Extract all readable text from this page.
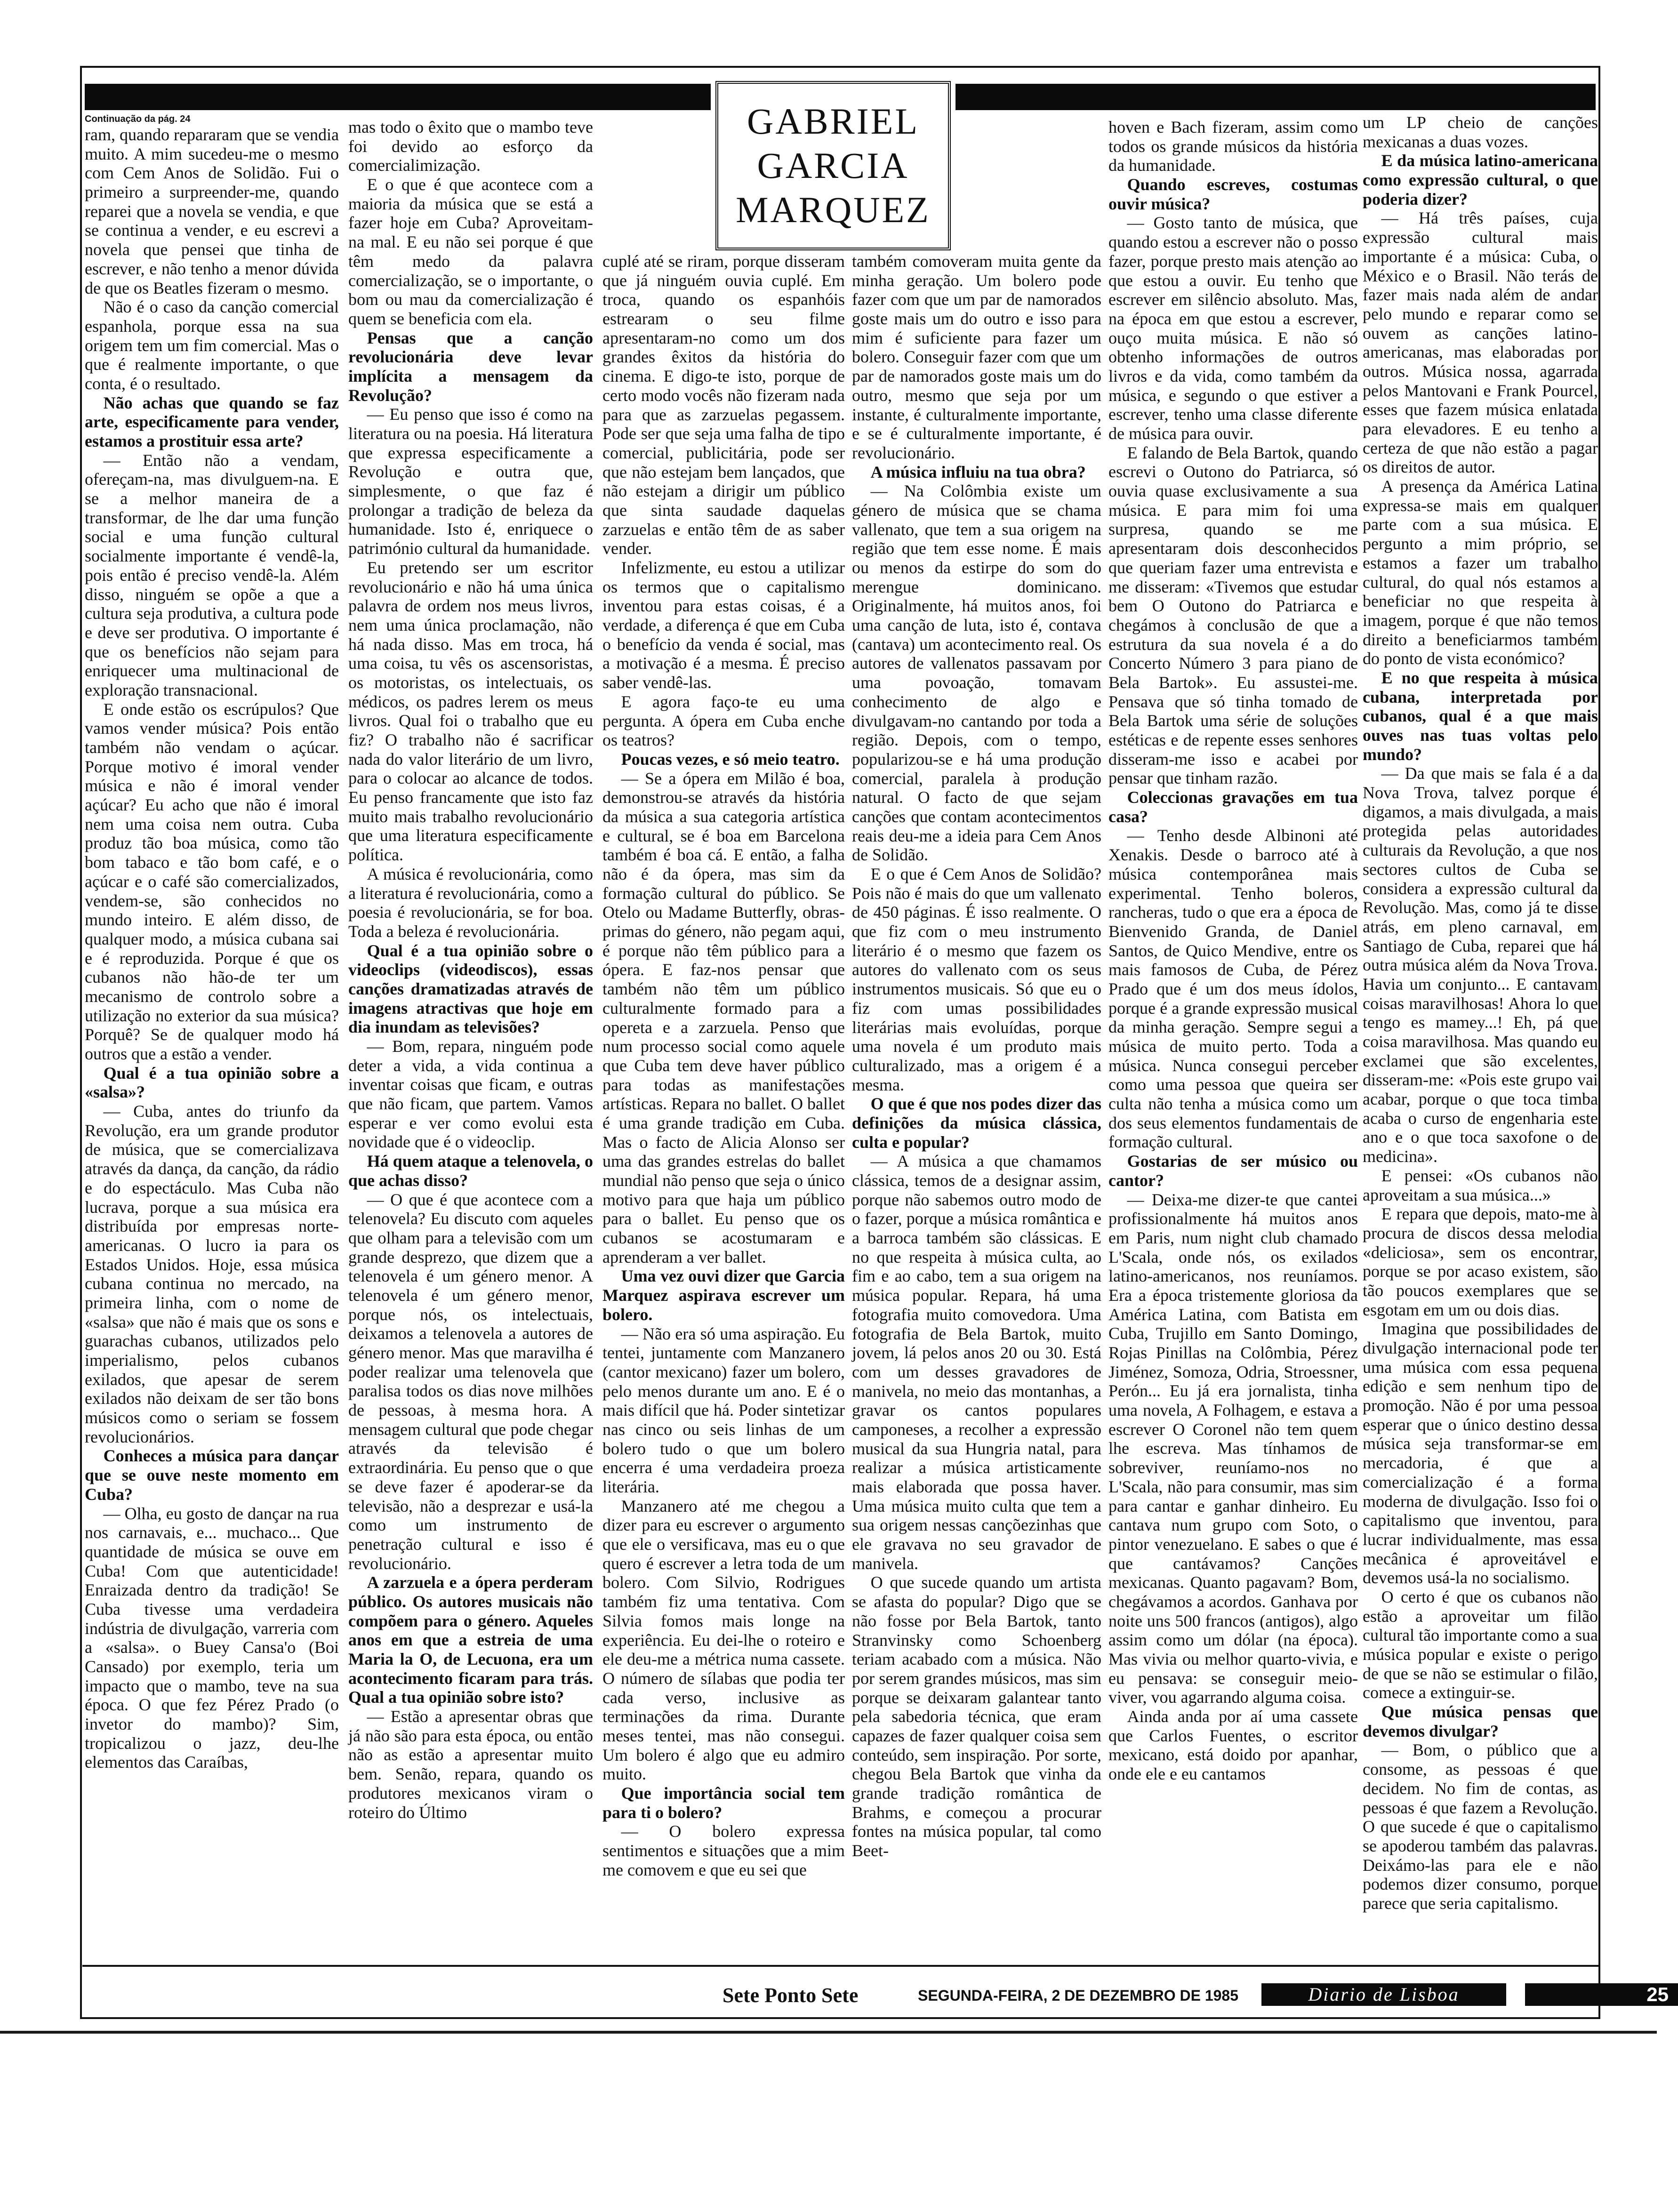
GABRIEL
GARCIA
MARQUEZ

Continuação da pág. 24

ram, quando repararam que se vendia muito. A mim sucedeu-me o mesmo com Cem Anos de Solidão. Fui o primeiro a surpreender-me, quando reparei que a novela se vendia, e que se continua a vender, e eu escrevi a novela que pensei que tinha de escrever, e não tenho a menor dúvida de que os Beatles fizeram o mesmo.

Não é o caso da canção comercial espanhola, porque essa na sua origem tem um fim comercial. Mas o que é realmente importante, o que conta, é o resultado.

Não achas que quando se faz arte, especificamente para vender, estamos a prostituir essa arte?

— Então não a vendam, ofereçam-na, mas divulguem-na. E se a melhor maneira de a transformar, de lhe dar uma função social e uma função cultural socialmente importante é vendê-la, pois então é preciso vendê-la. Além disso, ninguém se opõe a que a cultura seja produtiva, a cultura pode e deve ser produtiva. O importante é que os benefícios não sejam para enriquecer uma multinacional de exploração transnacional.

E onde estão os escrúpulos? Que vamos vender música? Pois então também não vendam o açúcar. Porque motivo é imoral vender música e não é imoral vender açúcar? Eu acho que não é imoral nem uma coisa nem outra. Cuba produz tão boa música, como tão bom tabaco e tão bom café, e o açúcar e o café são comercializados, vendem-se, são conhecidos no mundo inteiro. E além disso, de qualquer modo, a música cubana sai e é reproduzida. Porque é que os cubanos não hão-de ter um mecanismo de controlo sobre a utilização no exterior da sua música? Porquê? Se de qualquer modo há outros que a estão a vender.

Qual é a tua opinião sobre a «salsa»?

— Cuba, antes do triunfo da Revolução, era um grande produtor de música, que se comercializava através da dança, da canção, da rádio e do espectáculo. Mas Cuba não lucrava, porque a sua música era distribuída por empresas norte-americanas. O lucro ia para os Estados Unidos. Hoje, essa música cubana continua no mercado, na primeira linha, com o nome de «salsa» que não é mais que os sons e guarachas cubanos, utilizados pelo imperialismo, pelos cubanos exilados, que apesar de serem exilados não deixam de ser tão bons músicos como o seriam se fossem revolucionários.

Conheces a música para dançar que se ouve neste momento em Cuba?

— Olha, eu gosto de dançar na rua nos carnavais, e... muchaco... Que quantidade de música se ouve em Cuba! Com que autenticidade! Enraizada dentro da tradição! Se Cuba tivesse uma verdadeira indústria de divulgação, varreria com a «salsa». o Buey Cansa'o (Boi Cansado) por exemplo, teria um impacto que o mambo, teve na sua época. O que fez Pérez Prado (o invetor do mambo)? Sim, tropicalizou o jazz, deu-lhe elementos das Caraíbas,

mas todo o êxito que o mambo teve foi devido ao esforço da comercialimização.

E o que é que acontece com a maioria da música que se está a fazer hoje em Cuba? Aproveitam-na mal. E eu não sei porque é que têm medo da palavra comercialização, se o importante, o bom ou mau da comercialização é quem se beneficia com ela.

Pensas que a canção revolucionária deve levar implícita a mensagem da Revolução?

— Eu penso que isso é como na literatura ou na poesia. Há literatura que expressa especificamente a Revolução e outra que, simplesmente, o que faz é prolongar a tradição de beleza da humanidade. Isto é, enriquece o património cultural da humanidade.

Eu pretendo ser um escritor revolucionário e não há uma única palavra de ordem nos meus livros, nem uma única proclamação, não há nada disso. Mas em troca, há uma coisa, tu vês os ascensoristas, os motoristas, os intelectuais, os médicos, os padres lerem os meus livros. Qual foi o trabalho que eu fiz? O trabalho não é sacrificar nada do valor literário de um livro, para o colocar ao alcance de todos. Eu penso francamente que isto faz muito mais trabalho revolucionário que uma literatura especificamente política.

A música é revolucionária, como a literatura é revolucionária, como a poesia é revolucionária, se for boa. Toda a beleza é revolucionária.

Qual é a tua opinião sobre o videoclips (videodiscos), essas canções dramatizadas através de imagens atractivas que hoje em dia inundam as televisões?

— Bom, repara, ninguém pode deter a vida, a vida continua a inventar coisas que ficam, e outras que não ficam, que partem. Vamos esperar e ver como evolui esta novidade que é o videoclip.

Há quem ataque a telenovela, o que achas disso?

— O que é que acontece com a telenovela? Eu discuto com aqueles que olham para a televisão com um grande desprezo, que dizem que a telenovela é um género menor. A telenovela é um género menor, porque nós, os intelectuais, deixamos a telenovela a autores de género menor. Mas que maravilha é poder realizar uma telenovela que paralisa todos os dias nove milhões de pessoas, à mesma hora. A mensagem cultural que pode chegar através da televisão é extraordinária. Eu penso que o que se deve fazer é apoderar-se da televisão, não a desprezar e usá-la como um instrumento de penetração cultural e isso é revolucionário.

A zarzuela e a ópera perderam público. Os autores musicais não compõem para o género. Aqueles anos em que a estreia de uma Maria la O, de Lecuona, era um acontecimento ficaram para trás. Qual a tua opinião sobre isto?

— Estão a apresentar obras que já não são para esta época, ou então não as estão a apresentar muito bem. Senão, repara, quando os produtores mexicanos viram o roteiro do Último

cuplé até se riram, porque disseram que já ninguém ouvia cuplé. Em troca, quando os espanhóis estrearam o seu filme apresentaram-no como um dos grandes êxitos da história do cinema. E digo-te isto, porque de certo modo vocês não fizeram nada para que as zarzuelas pegassem. Pode ser que seja uma falha de tipo comercial, publicitária, pode ser que não estejam bem lançados, que não estejam a dirigir um público que sinta saudade daquelas zarzuelas e então têm de as saber vender.

Infelizmente, eu estou a utilizar os termos que o capitalismo inventou para estas coisas, é a verdade, a diferença é que em Cuba o benefício da venda é social, mas a motivação é a mesma. É preciso saber vendê-las.

E agora faço-te eu uma pergunta. A ópera em Cuba enche os teatros?

Poucas vezes, e só meio teatro.

— Se a ópera em Milão é boa, demonstrou-se através da história da música a sua categoria artística e cultural, se é boa em Barcelona também é boa cá. E então, a falha não é da ópera, mas sim da formação cultural do público. Se Otelo ou Madame Butterfly, obras-primas do género, não pegam aqui, é porque não têm público para a ópera. E faz-nos pensar que também não têm um público culturalmente formado para a opereta e a zarzuela. Penso que num processo social como aquele que Cuba tem deve haver público para todas as manifestações artísticas. Repara no ballet. O ballet é uma grande tradição em Cuba. Mas o facto de Alicia Alonso ser uma das grandes estrelas do ballet mundial não penso que seja o único motivo para que haja um público para o ballet. Eu penso que os cubanos se acostumaram e aprenderam a ver ballet.

Uma vez ouvi dizer que Garcia Marquez aspirava escrever um bolero.

— Não era só uma aspiração. Eu tentei, juntamente com Manzanero (cantor mexicano) fazer um bolero, pelo menos durante um ano. E é o mais difícil que há. Poder sintetizar nas cinco ou seis linhas de um bolero tudo o que um bolero encerra é uma verdadeira proeza literária.

Manzanero até me chegou a dizer para eu escrever o argumento que ele o versificava, mas eu o que quero é escrever a letra toda de um bolero. Com Silvio, Rodrigues também fiz uma tentativa. Com Silvia fomos mais longe na experiência. Eu dei-lhe o roteiro e ele deu-me a métrica numa cassete. O número de sílabas que podia ter cada verso, inclusive as terminações da rima. Durante meses tentei, mas não consegui. Um bolero é algo que eu admiro muito.

Que importância social tem para ti o bolero?

— O bolero expressa sentimentos e situações que a mim me comovem e que eu sei que

também comoveram muita gente da minha geração. Um bolero pode fazer com que um par de namorados goste mais um do outro e isso para mim é suficiente para fazer um bolero. Conseguir fazer com que um par de namorados goste mais um do outro, mesmo que seja por um instante, é culturalmente importante, e se é culturalmente importante, é revolucionário.

A música influiu na tua obra?

— Na Colômbia existe um género de música que se chama vallenato, que tem a sua origem na região que tem esse nome. É mais ou menos da estirpe do som do merengue dominicano. Originalmente, há muitos anos, foi uma canção de luta, isto é, contava (cantava) um acontecimento real. Os autores de vallenatos passavam por uma povoação, tomavam conhecimento de algo e divulgavam-no cantando por toda a região. Depois, com o tempo, popularizou-se e há uma produção comercial, paralela à produção natural. O facto de que sejam canções que contam acontecimentos reais deu-me a ideia para Cem Anos de Solidão.

E o que é Cem Anos de Solidão? Pois não é mais do que um vallenato de 450 páginas. É isso realmente. O que fiz com o meu instrumento literário é o mesmo que fazem os autores do vallenato com os seus instrumentos musicais. Só que eu o fiz com umas possibilidades literárias mais evoluídas, porque uma novela é um produto mais culturalizado, mas a origem é a mesma.

O que é que nos podes dizer das definições da música clássica, culta e popular?

— A música a que chamamos clássica, temos de a designar assim, porque não sabemos outro modo de o fazer, porque a música romântica e a barroca também são clássicas. E no que respeita à música culta, ao fim e ao cabo, tem a sua origem na música popular. Repara, há uma fotografia muito comovedora. Uma fotografia de Bela Bartok, muito jovem, lá pelos anos 20 ou 30. Está com um desses gravadores de manivela, no meio das montanhas, a gravar os cantos populares camponeses, a recolher a expressão musical da sua Hungria natal, para realizar a música artisticamente mais elaborada que possa haver. Uma música muito culta que tem a sua origem nessas cançõezinhas que ele gravava no seu gravador de manivela.

O que sucede quando um artista se afasta do popular? Digo que se não fosse por Bela Bartok, tanto Stranvinsky como Schoenberg teriam acabado com a música. Não por serem grandes músicos, mas sim porque se deixaram galantear tanto pela sabedoria técnica, que eram capazes de fazer qualquer coisa sem conteúdo, sem inspiração. Por sorte, chegou Bela Bartok que vinha da grande tradição romântica de Brahms, e começou a procurar fontes na música popular, tal como Beet-

hoven e Bach fizeram, assim como todos os grande músicos da história da humanidade.

Quando escreves, costumas ouvir música?

— Gosto tanto de música, que quando estou a escrever não o posso fazer, porque presto mais atenção ao que estou a ouvir. Eu tenho que escrever em silêncio absoluto. Mas, na época em que estou a escrever, ouço muita música. E não só obtenho informações de outros livros e da vida, como também da música, e segundo o que estiver a escrever, tenho uma classe diferente de música para ouvir.

E falando de Bela Bartok, quando escrevi o Outono do Patriarca, só ouvia quase exclusivamente a sua música. E para mim foi uma surpresa, quando se me apresentaram dois desconhecidos que queriam fazer uma entrevista e me disseram: «Tivemos que estudar bem O Outono do Patriarca e chegámos à conclusão de que a estrutura da sua novela é a do Concerto Número 3 para piano de Bela Bartok». Eu assustei-me. Pensava que só tinha tomado de Bela Bartok uma série de soluções estéticas e de repente esses senhores disseram-me isso e acabei por pensar que tinham razão.

Coleccionas gravações em tua casa?

— Tenho desde Albinoni até Xenakis. Desde o barroco até à música contemporânea mais experimental. Tenho boleros, rancheras, tudo o que era a época de Bienvenido Granda, de Daniel Santos, de Quico Mendive, entre os mais famosos de Cuba, de Pérez Prado que é um dos meus ídolos, porque é a grande expressão musical da minha geração. Sempre segui a música de muito perto. Toda a música. Nunca consegui perceber como uma pessoa que queira ser culta não tenha a música como um dos seus elementos fundamentais de formação cultural.

Gostarias de ser músico ou cantor?

— Deixa-me dizer-te que cantei profissionalmente há muitos anos em Paris, num night club chamado L'Scala, onde nós, os exilados latino-americanos, nos reuníamos. Era a época tristemente gloriosa da América Latina, com Batista em Cuba, Trujillo em Santo Domingo, Rojas Pinillas na Colômbia, Pérez Jiménez, Somoza, Odria, Stroessner, Perón... Eu já era jornalista, tinha uma novela, A Folhagem, e estava a escrever O Coronel não tem quem lhe escreva. Mas tínhamos de sobreviver, reuníamo-nos no L'Scala, não para consumir, mas sim para cantar e ganhar dinheiro. Eu cantava num grupo com Soto, o pintor venezuelano. E sabes o que é que cantávamos? Canções mexicanas. Quanto pagavam? Bom, chegávamos a acordos. Ganhava por noite uns 500 francos (antigos), algo assim como um dólar (na época). Mas vivia ou melhor quarto-vivia, e eu pensava: se conseguir meio-viver, vou agarrando alguma coisa.

Ainda anda por aí uma cassete que Carlos Fuentes, o escritor mexicano, está doido por apanhar, onde ele e eu cantamos

um LP cheio de canções mexicanas a duas vozes.

E da música latino-americana como expressão cultural, o que poderia dizer?

— Há três países, cuja expressão cultural mais importante é a música: Cuba, o México e o Brasil. Não terás de fazer mais nada além de andar pelo mundo e reparar como se ouvem as canções latino-americanas, mas elaboradas por outros. Música nossa, agarrada pelos Mantovani e Frank Pourcel, esses que fazem música enlatada para elevadores. E eu tenho a certeza de que não estão a pagar os direitos de autor.

A presença da América Latina expressa-se mais em qualquer parte com a sua música. E pergunto a mim próprio, se estamos a fazer um trabalho cultural, do qual nós estamos a beneficiar no que respeita à imagem, porque é que não temos direito a beneficiarmos também do ponto de vista económico?

E no que respeita à música cubana, interpretada por cubanos, qual é a que mais ouves nas tuas voltas pelo mundo?

— Da que mais se fala é a da Nova Trova, talvez porque é digamos, a mais divulgada, a mais protegida pelas autoridades culturais da Revolução, a que nos sectores cultos de Cuba se considera a expressão cultural da Revolução. Mas, como já te disse atrás, em pleno carnaval, em Santiago de Cuba, reparei que há outra música além da Nova Trova. Havia um conjunto... E cantavam coisas maravilhosas! Ahora lo que tengo es mamey...! Eh, pá que coisa maravilhosa. Mas quando eu exclamei que são excelentes, disseram-me: «Pois este grupo vai acabar, porque o que toca timba acaba o curso de engenharia este ano e o que toca saxofone o de medicina».

E pensei: «Os cubanos não aproveitam a sua música...»

E repara que depois, mato-me à procura de discos dessa melodia «deliciosa», sem os encontrar, porque se por acaso existem, são tão poucos exemplares que se esgotam em um ou dois dias.

Imagina que possibilidades de divulgação internacional pode ter uma música com essa pequena edição e sem nenhum tipo de promoção. Não é por uma pessoa esperar que o único destino dessa música seja transformar-se em mercadoria, é que a comercialização é a forma moderna de divulgação. Isso foi o capitalismo que inventou, para lucrar individualmente, mas essa mecânica é aproveitável e devemos usá-la no socialismo.

O certo é que os cubanos não estão a aproveitar um filão cultural tão importante como a sua música popular e existe o perigo de que se não se estimular o filão, comece a extinguir-se.

Que música pensas que devemos divulgar?

— Bom, o público que a consome, as pessoas é que decidem. No fim de contas, as pessoas é que fazem a Revolução. O que sucede é que o capitalismo se apoderou também das palavras. Deixámo-las para ele e não podemos dizer consumo, porque parece que seria capitalismo.

Sete Ponto Sete	SEGUNDA-FEIRA, 2 DE DEZEMBRO DE 1985	Diario de Lisboa	25
